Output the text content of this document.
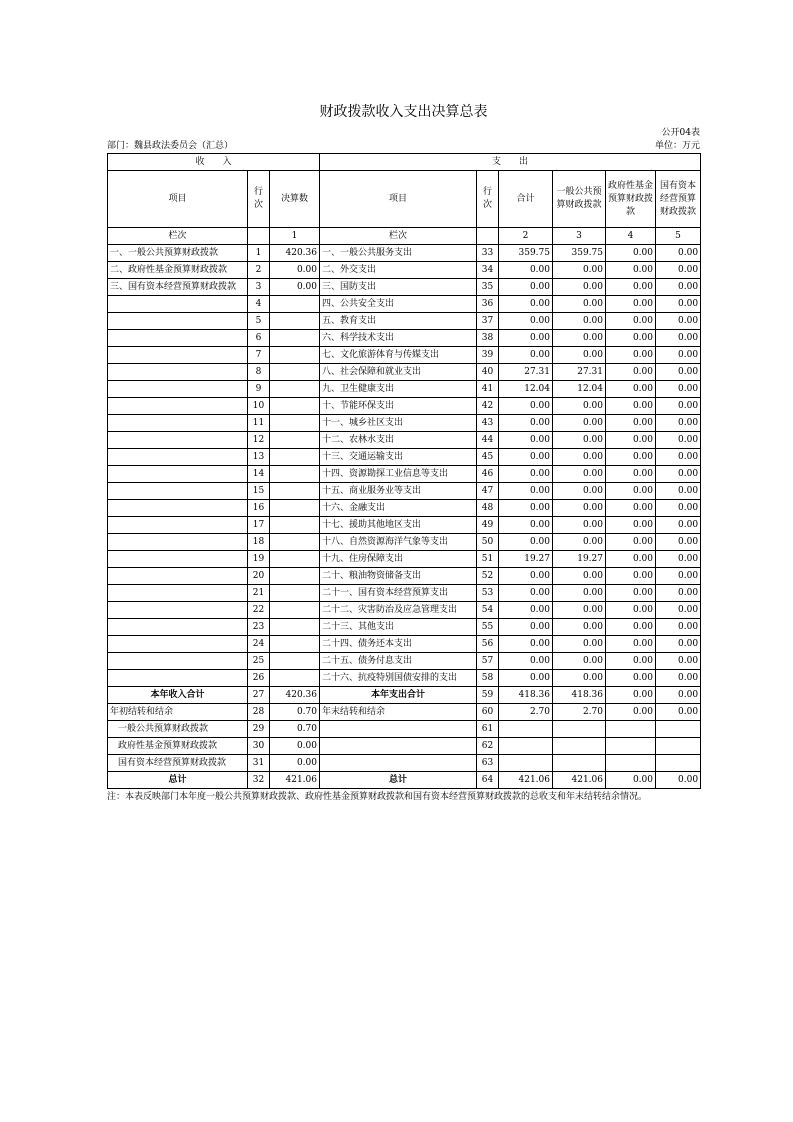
财政拨款收入支出决算总表
公开04表
部门：魏县政法委员会（汇总）	单位：万元
收　　入			支　　出					
项目	行次	决算数	项目	行次	合计	一般公共预算财政拨款	政府性基金预算财政拨款	国有资本经营预算财政拨款
栏次		1	栏次		2	3	4	5
一、一般公共预算财政拨款	1	420.36	一、一般公共服务支出	33	359.75	359.75	0.00	0.00
二、政府性基金预算财政拨款	2	0.00	二、外交支出	34	0.00	0.00	0.00	0.00
三、国有资本经营预算财政拨款	3	0.00	三、国防支出	35	0.00	0.00	0.00	0.00
	4		四、公共安全支出	36	0.00	0.00	0.00	0.00
	5		五、教育支出	37	0.00	0.00	0.00	0.00
	6		六、科学技术支出	38	0.00	0.00	0.00	0.00
	7		七、文化旅游体育与传媒支出	39	0.00	0.00	0.00	0.00
	8		八、社会保障和就业支出	40	27.31	27.31	0.00	0.00
	9		九、卫生健康支出	41	12.04	12.04	0.00	0.00
	10		十、节能环保支出	42	0.00	0.00	0.00	0.00
	11		十一、城乡社区支出	43	0.00	0.00	0.00	0.00
	12		十二、农林水支出	44	0.00	0.00	0.00	0.00
	13		十三、交通运输支出	45	0.00	0.00	0.00	0.00
	14		十四、资源勘探工业信息等支出	46	0.00	0.00	0.00	0.00
	15		十五、商业服务业等支出	47	0.00	0.00	0.00	0.00
	16		十六、金融支出	48	0.00	0.00	0.00	0.00
	17		十七、援助其他地区支出	49	0.00	0.00	0.00	0.00
	18		十八、自然资源海洋气象等支出	50	0.00	0.00	0.00	0.00
	19		十九、住房保障支出	51	19.27	19.27	0.00	0.00
	20		二十、粮油物资储备支出	52	0.00	0.00	0.00	0.00
	21		二十一、国有资本经营预算支出	53	0.00	0.00	0.00	0.00
	22		二十二、灾害防治及应急管理支出	54	0.00	0.00	0.00	0.00
	23		二十三、其他支出	55	0.00	0.00	0.00	0.00
	24		二十四、债务还本支出	56	0.00	0.00	0.00	0.00
	25		二十五、债务付息支出	57	0.00	0.00	0.00	0.00
	26		二十六、抗疫特别国债安排的支出	58	0.00	0.00	0.00	0.00
本年收入合计	27	420.36	本年支出合计	59	418.36	418.36	0.00	0.00
年初结转和结余	28	0.70	年末结转和结余	60	2.70	2.70	0.00	0.00
一般公共预算财政拨款	29	0.70		61				
政府性基金预算财政拨款	30	0.00		62				
国有资本经营预算财政拨款	31	0.00		63				
总计	32	421.06	总计	64	421.06	421.06	0.00	0.00
注：本表反映部门本年度一般公共预算财政拨款、政府性基金预算财政拨款和国有资本经营预算财政拨款的总收支和年末结转结余情况。
